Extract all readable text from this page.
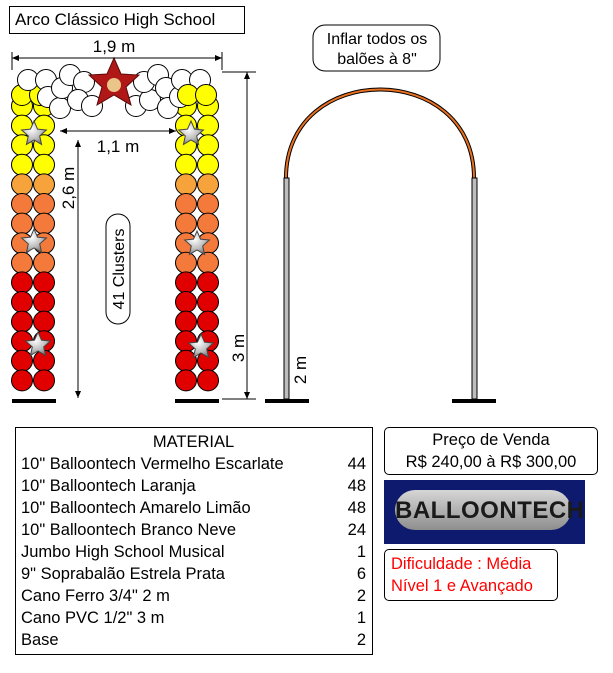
Arco Clássico High School
1,9 m
1,1 m
2,6 m
41 Clusters
3 m
2 m
Inflar todos os
balões à 8"
MATERIAL
10" Balloontech Vermelho Escarlate	44
10" Balloontech Laranja	48
10" Balloontech Amarelo Limão	48
10" Balloontech Branco Neve	24
Jumbo High School Musical	1
9" Soprabalão Estrela Prata	6
Cano Ferro 3/4" 2 m	2
Cano PVC 1/2" 3 m	1
Base	2
Preço de Venda
R$ 240,00 à R$ 300,00
BALLOONTECH
Dificuldade : Média
Nível 1 e Avançado
